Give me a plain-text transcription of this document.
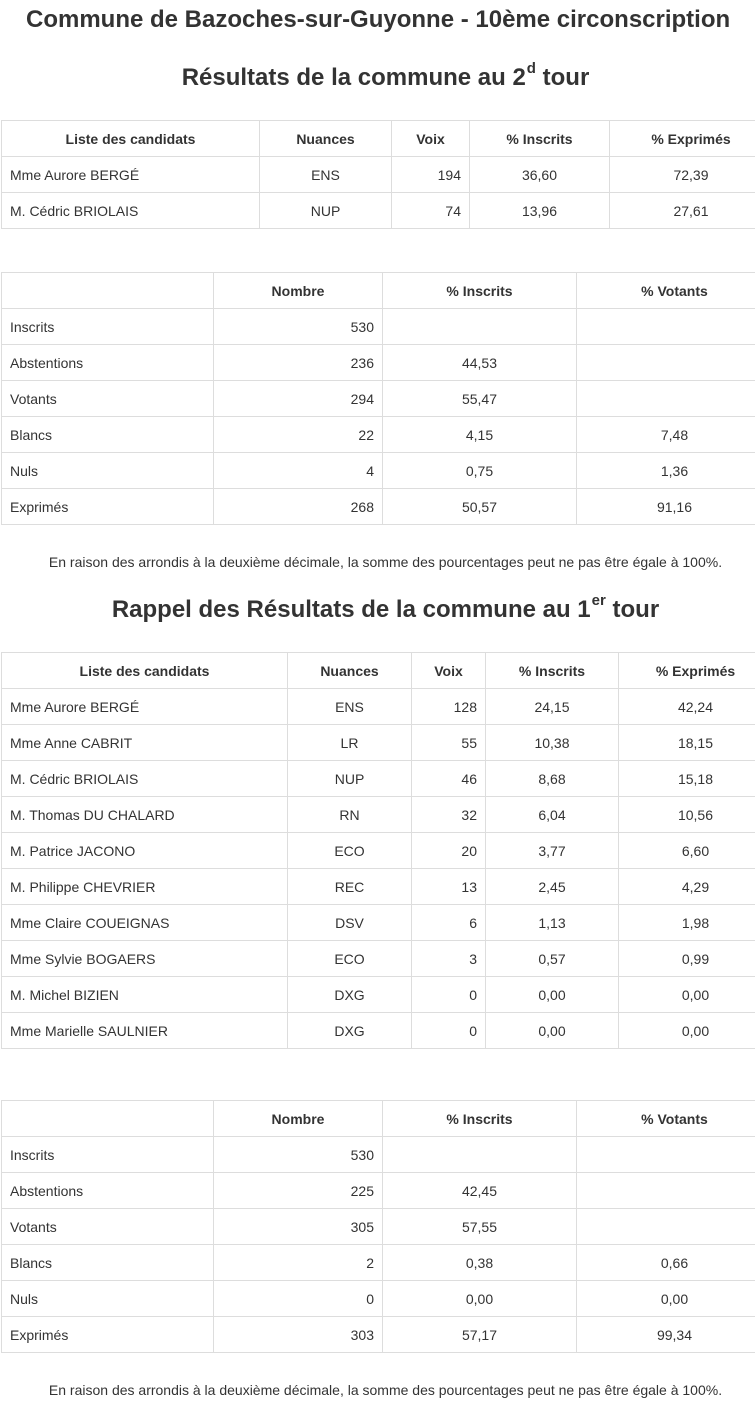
Commune de Bazoches-sur-Guyonne - 10ème circonscription
Résultats de la commune au 2$^d$ tour
Liste des candidats	Nuances	Voix	% Inscrits	% Exprimés
Mme Aurore BERGÉ	ENS	194	36,60	72,39
M. Cédric BRIOLAIS	NUP	74	13,96	27,61
	Nombre	% Inscrits	% Votants
Inscrits	530		
Abstentions	236	44,53	
Votants	294	55,47	
Blancs	22	4,15	7,48
Nuls	4	0,75	1,36
Exprimés	268	50,57	91,16
En raison des arrondis à la deuxième décimale, la somme des pourcentages peut ne pas être égale à 100%.
Rappel des Résultats de la commune au 1er tour
Liste des candidats	Nuances	Voix	% Inscrits	% Exprimés
Mme Aurore BERGÉ	ENS	128	24,15	42,24
Mme Anne CABRIT	LR	55	10,38	18,15
M. Cédric BRIOLAIS	NUP	46	8,68	15,18
M. Thomas DU CHALARD	RN	32	6,04	10,56
M. Patrice JACONO	ECO	20	3,77	6,60
M. Philippe CHEVRIER	REC	13	2,45	4,29
Mme Claire COUEIGNAS	DSV	6	1,13	1,98
Mme Sylvie BOGAERS	ECO	3	0,57	0,99
M. Michel BIZIEN	DXG	0	0,00	0,00
Mme Marielle SAULNIER	DXG	0	0,00	0,00
	Nombre	% Inscrits	% Votants
Inscrits	530		
Abstentions	225	42,45	
Votants	305	57,55	
Blancs	2	0,38	0,66
Nuls	0	0,00	0,00
Exprimés	303	57,17	99,34
En raison des arrondis à la deuxième décimale, la somme des pourcentages peut ne pas être égale à 100%.
